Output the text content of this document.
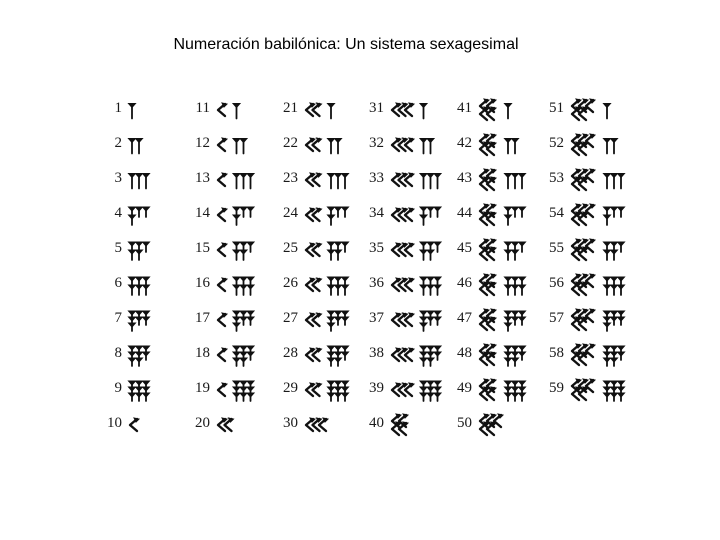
Numeración babilónica: Un sistema sexagesimal
1
2
3
4
5
6
7
8
9
10
11
12
13
14
15
16
17
18
19
20
21
22
23
24
25
26
27
28
29
30
31
32
33
34
35
36
37
38
39
40
41
42
43
44
45
46
47
48
49
50
51
52
53
54
55
56
57
58
59
